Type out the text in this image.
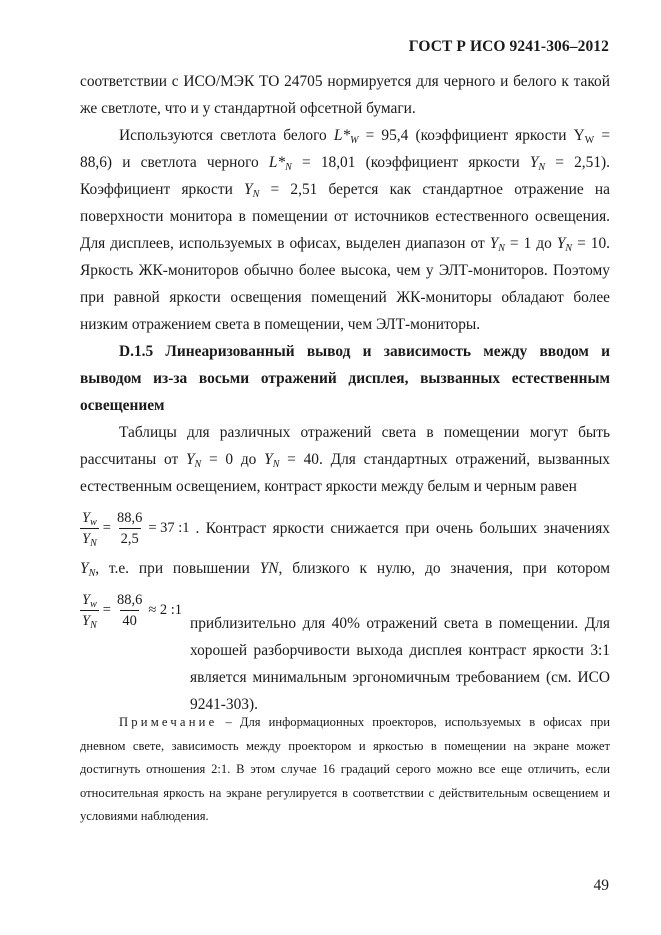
ГОСТ Р ИСО 9241-306–2012

соответствии с ИСО/МЭК ТО 24705 нормируется для черного и белого к такой же светлоте, что и у стандартной офсетной бумаги.

Используются светлота белого $L*_W = 95,4$ (коэффициент яркости $Y_W = 88,6$) и светлота черного $L*_N = 18,01$ (коэффициент яркости $Y_N = 2,51$). Коэффициент яркости $Y_N = 2,51$ берется как стандартное отражение на поверхности монитора в помещении от источников естественного освещения. Для дисплеев, используемых в офисах, выделен диапазон от $Y_N = 1$ до $Y_N = 10$. Яркость ЖК-мониторов обычно более высока, чем у ЭЛТ-мониторов. Поэтому при равной яркости освещения помещений ЖК-мониторы обладают более низким отражением света в помещении, чем ЭЛТ-мониторы.

D.1.5 Линеаризованный вывод и зависимость между вводом и выводом из-за восьми отражений дисплея, вызванных естественным освещением

Таблицы для различных отражений света в помещении могут быть рассчитаны от $Y_N = 0$ до $Y_N = 40$. Для стандартных отражений, вызванных естественным освещением, контраст яркости между белым и черным равен

$\frac{Y_w}{Y_N} = \frac{88,6}{2,5} = 37$ :1 . Контраст яркости снижается при очень больших значениях

$Y_N$, т.е. при повышении YN, близкого к нулю, до значения, при котором

$\frac{Y_w}{Y_N} = \frac{88,6}{40} \approx 2$ :1

приблизительно для 40% отражений света в помещении. Для хорошей разборчивости выхода дисплея контраст яркости 3:1 является минимальным эргономичным требованием (см. ИСО 9241-303).

Примечание – Для информационных проекторов, используемых в офисах при дневном свете, зависимость между проектором и яркостью в помещении на экране может достигнуть отношения 2:1. В этом случае 16 градаций серого можно все еще отличить, если относительная яркость на экране регулируется в соответствии с действительным освещением и условиями наблюдения.
49
